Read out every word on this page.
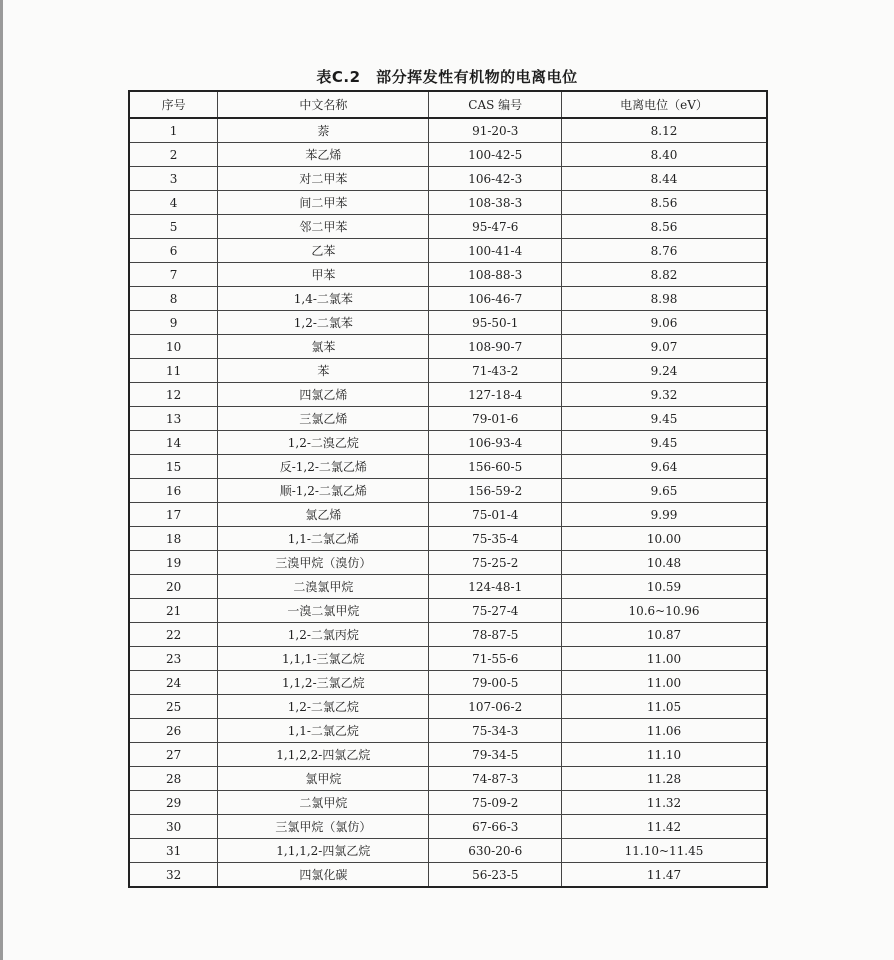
表C.2　部分挥发性有机物的电离电位
序号	中文名称	CAS 编号	电离电位（eV）
1	萘	91-20-3	8.12
2	苯乙烯	100-42-5	8.40
3	对二甲苯	106-42-3	8.44
4	间二甲苯	108-38-3	8.56
5	邻二甲苯	95-47-6	8.56
6	乙苯	100-41-4	8.76
7	甲苯	108-88-3	8.82
8	1,4-二氯苯	106-46-7	8.98
9	1,2-二氯苯	95-50-1	9.06
10	氯苯	108-90-7	9.07
11	苯	71-43-2	9.24
12	四氯乙烯	127-18-4	9.32
13	三氯乙烯	79-01-6	9.45
14	1,2-二溴乙烷	106-93-4	9.45
15	反-1,2-二氯乙烯	156-60-5	9.64
16	顺-1,2-二氯乙烯	156-59-2	9.65
17	氯乙烯	75-01-4	9.99
18	1,1-二氯乙烯	75-35-4	10.00
19	三溴甲烷（溴仿）	75-25-2	10.48
20	二溴氯甲烷	124-48-1	10.59
21	一溴二氯甲烷	75-27-4	10.6~10.96
22	1,2-二氯丙烷	78-87-5	10.87
23	1,1,1-三氯乙烷	71-55-6	11.00
24	1,1,2-三氯乙烷	79-00-5	11.00
25	1,2-二氯乙烷	107-06-2	11.05
26	1,1-二氯乙烷	75-34-3	11.06
27	1,1,2,2-四氯乙烷	79-34-5	11.10
28	氯甲烷	74-87-3	11.28
29	二氯甲烷	75-09-2	11.32
30	三氯甲烷（氯仿）	67-66-3	11.42
31	1,1,1,2-四氯乙烷	630-20-6	11.10~11.45
32	四氯化碳	56-23-5	11.47
